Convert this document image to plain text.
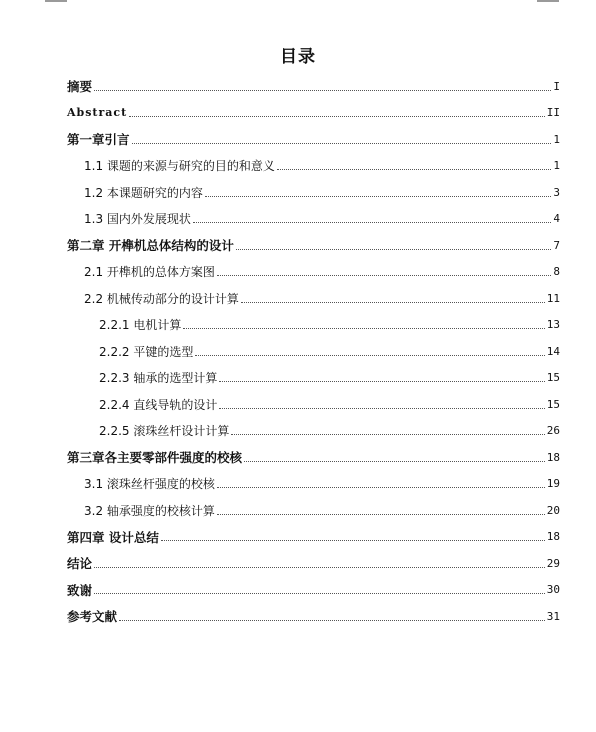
目录
摘要	I
Abstract	II
第一章引言	1
1.1 课题的来源与研究的目的和意义	1
1.2 本课题研究的内容	3
1.3 国内外发展现状	4
第二章 开榫机总体结构的设计	7
2.1 开榫机的总体方案图	8
2.2 机械传动部分的设计计算	11
2.2.1 电机计算	13
2.2.2 平键的选型	14
2.2.3 轴承的选型计算	15
2.2.4 直线导轨的设计	15
2.2.5 滚珠丝杆设计计算	26
第三章各主要零部件强度的校核	18
3.1 滚珠丝杆强度的校核	19
3.2 轴承强度的校核计算	20
第四章 设计总结	18
结论	29
致谢	30
参考文献	31
